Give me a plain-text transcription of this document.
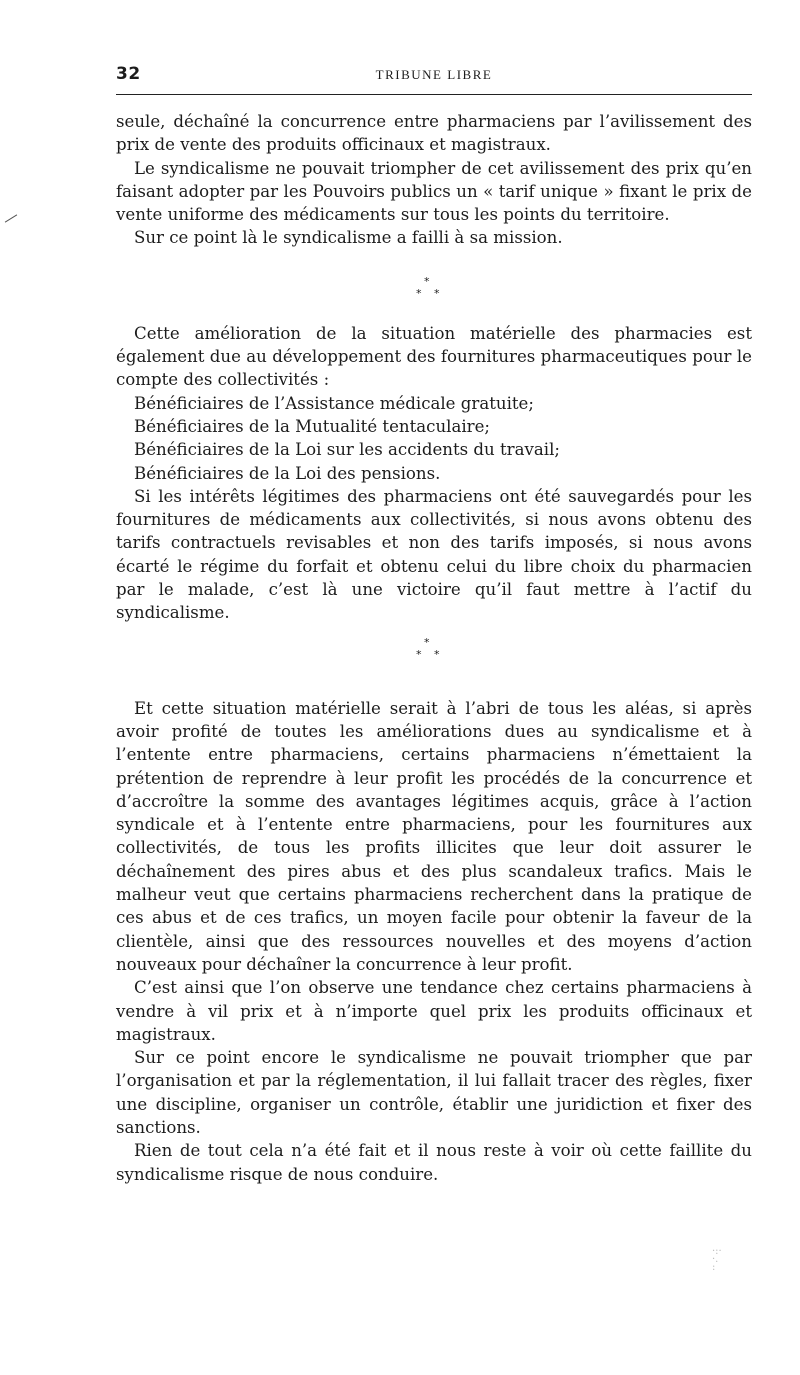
32	TRIBUNE LIBRE

seule, déchaîné la concurrence entre pharmaciens par l’avilissement des prix de vente des produits officinaux et magistraux.

Le syndicalisme ne pouvait triompher de cet avilissement des prix qu’en faisant adopter par les Pouvoirs publics un « tarif unique » fixant le prix de vente uniforme des médicaments sur tous les points du territoire.

Sur ce point là le syndicalisme a failli à sa mission.

*
* *

Cette amélioration de la situation matérielle des pharmacies est également due au développement des fournitures pharmaceutiques pour le compte des collectivités :

Bénéficiaires de l’Assistance médicale gratuite;

Bénéficiaires de la Mutualité tentaculaire;

Bénéficiaires de la Loi sur les accidents du travail;

Bénéficiaires de la Loi des pensions.

Si les intérêts légitimes des pharmaciens ont été sauvegardés pour les fournitures de médicaments aux collectivités, si nous avons obtenu des tarifs contractuels revisables et non des tarifs imposés, si nous avons écarté le régime du forfait et obtenu celui du libre choix du pharmacien par le malade, c’est là une victoire qu’il faut mettre à l’actif du syndicalisme.

*
* *

Et cette situation matérielle serait à l’abri de tous les aléas, si après avoir profité de toutes les améliorations dues au syndicalisme et à l’entente entre pharmaciens, certains pharmaciens n’émettaient la prétention de reprendre à leur profit les procédés de la concurrence et d’accroître la somme des avantages légitimes acquis, grâce à l’action syndicale et à l’entente entre pharmaciens, pour les fournitures aux collectivités, de tous les profits illicites que leur doit assurer le déchaînement des pires abus et des plus scandaleux trafics. Mais le malheur veut que certains pharmaciens recherchent dans la pratique de ces abus et de ces trafics, un moyen facile pour obtenir la faveur de la clientèle, ainsi que des ressources nouvelles et des moyens d’action nouveaux pour déchaîner la concurrence à leur profit.

C’est ainsi que l’on observe une tendance chez certains pharmaciens à vendre à vil prix et à n’importe quel prix les produits officinaux et magistraux.

Sur ce point encore le syndicalisme ne pouvait triompher que par l’organisation et par la réglementation, il lui fallait tracer des règles, fixer une discipline, organiser un contrôle, établir une juridiction et fixer des sanctions.

Rien de tout cela n’a été fait et il nous reste à voir où cette faillite du syndicalisme risque de nous conduire.

·:·
·.
:
